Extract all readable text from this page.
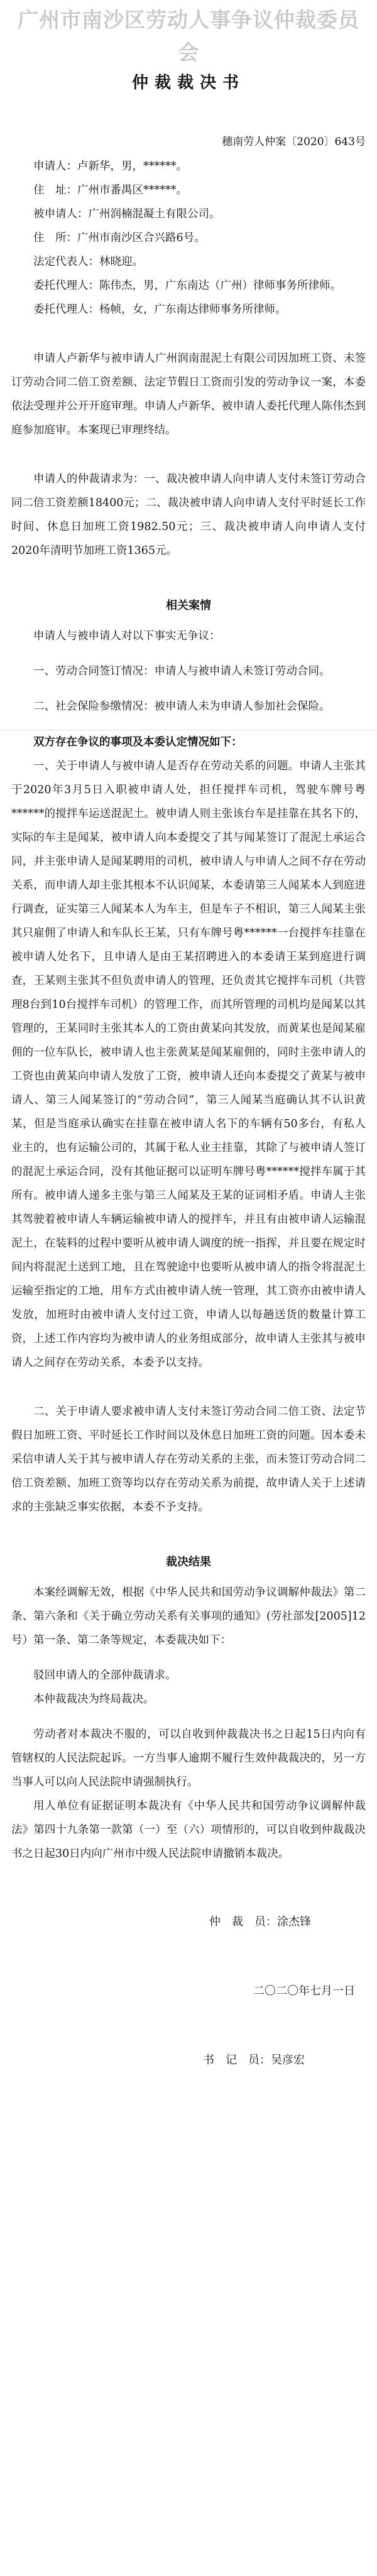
广州市南沙区劳动人事争议仲裁委员会
仲裁裁决书
穗南劳人仲案〔2020〕643号

申请人：卢新华，男，******。

住　址：广州市番禺区******。

被申请人：广州润楠混凝土有限公司。

住　所：广州市南沙区合兴路6号。

法定代表人：林晓迎。

委托代理人：陈伟杰，男，广东南达（广州）律师事务所律师。

委托代理人：杨帧，女，广东南达律师事务所律师。

申请人卢新华与被申请人广州润南混泥土有限公司因加班工资、未签订劳动合同二倍工资差额、法定节假日工资而引发的劳动争议一案，本委依法受理并公开开庭审理。申请人卢新华、被申请人委托代理人陈伟杰到庭参加庭审。本案现已审理终结。

申请人的仲裁请求为：一、裁决被申请人向申请人支付未签订劳动合同二倍工资差额18400元；二、裁决被申请人向申请人支付平时延长工作时间、休息日加班工资1982.50元；三、裁决被申请人向申请人支付2020年清明节加班工资1365元。

相关案情

申请人与被申请人对以下事实无争议：

一、劳动合同签订情况：申请人与被申请人未签订劳动合同。

二、社会保险参缴情况：被申请人未为申请人参加社会保险。

双方存在争议的事项及本委认定情况如下：

一、关于申请人与被申请人是否存在劳动关系的问题。申请人主张其于2020年3月5日入职被申请人处，担任搅拌车司机，驾驶车牌号粤******的搅拌车运送混泥土。被申请人则主张该台车是挂靠在其名下的，实际的车主是闻某，被申请人向本委提交了其与闻某签订了混泥土承运合同，并主张申请人是闻某聘用的司机，被申请人与申请人之间不存在劳动关系，而申请人却主张其根本不认识闻某，本委请第三人闻某本人到庭进行调查，证实第三人闻某本人为车主，但是车子不相识，第三人闻某主张其只雇佣了申请人和车队长王某，只有车牌号粤******一台搅拌车挂靠在被申请人处名下，且申请人是由王某招聘进入的本委请王某到庭进行调查，王某则主张其不但负责申请人的管理，还负责其它搅拌车司机（共管理8台到10台搅拌车司机）的管理工作，而其所管理的司机均是闻某以其管理的，王某同时主张其本人的工资由黄某向其发放，而黄某也是闻某雇佣的一位车队长，被申请人也主张黄某是闻某雇佣的，同时主张申请人的工资也由黄某向申请人发放了工资，被申请人还向本委提交了黄某与被申请人、第三人闻某签订的“劳动合同”，第三人闻某当庭确认其不认识黄某，但是当庭承认确实在挂靠在被申请人名下的车辆有50多台，有私人业主的，也有运输公司的，其属于私人业主挂靠，其除了与被申请人签订的混泥土承运合同，没有其他证据可以证明车牌号粤******搅拌车属于其所有。被申请人递多主张与第三人闻某及王某的证词相矛盾。申请人主张其驾驶着被申请人车辆运输被申请人的搅拌车，并且有由被申请人运输混泥土，在装料的过程中要听从被申请人调度的统一指挥，并且要在规定时间内将混泥土送到工地，且在驾驶途中也要听从被申请人的指令将混泥土运输至指定的工地，用车方式由被申请人统一管理，其工资亦由被申请人发放，加班时由被申请人支付过工资，申请人以每趟送货的数量计算工资，上述工作内容均为被申请人的业务组成部分，故申请人主张其与被申请人之间存在劳动关系，本委予以支持。

二、关于申请人要求被申请人支付未签订劳动合同二倍工资、法定节假日加班工资、平时延长工作时间以及休息日加班工资的问题。因本委未采信申请人关于其与被申请人存在劳动关系的主张，而未签订劳动合同二倍工资差额、加班工资等均以存在劳动关系为前提，故申请人关于上述请求的主张缺乏事实依据，本委不予支持。

裁决结果

本案经调解无效，根据《中华人民共和国劳动争议调解仲裁法》第二条、第六条和《关于确立劳动关系有关事项的通知》(劳社部发[2005]12号）第一条、第二条等规定，本委裁决如下：

驳回申请人的全部仲裁请求。

本仲裁裁决为终局裁决。

劳动者对本裁决不服的，可以自收到仲裁裁决书之日起15日内向有管辖权的人民法院起诉。一方当事人逾期不履行生效仲裁裁决的，另一方当事人可以向人民法院申请强制执行。

用人单位有证据证明本裁决有《中华人民共和国劳动争议调解仲裁法》第四十九条第一款第（一）至（六）项情形的，可以自收到仲裁裁决书之日起30日内向广州市中级人民法院申请撤销本裁决。

仲　裁　员：涂杰锋
二〇二〇年七月一日
书　记　员：吴彦宏
